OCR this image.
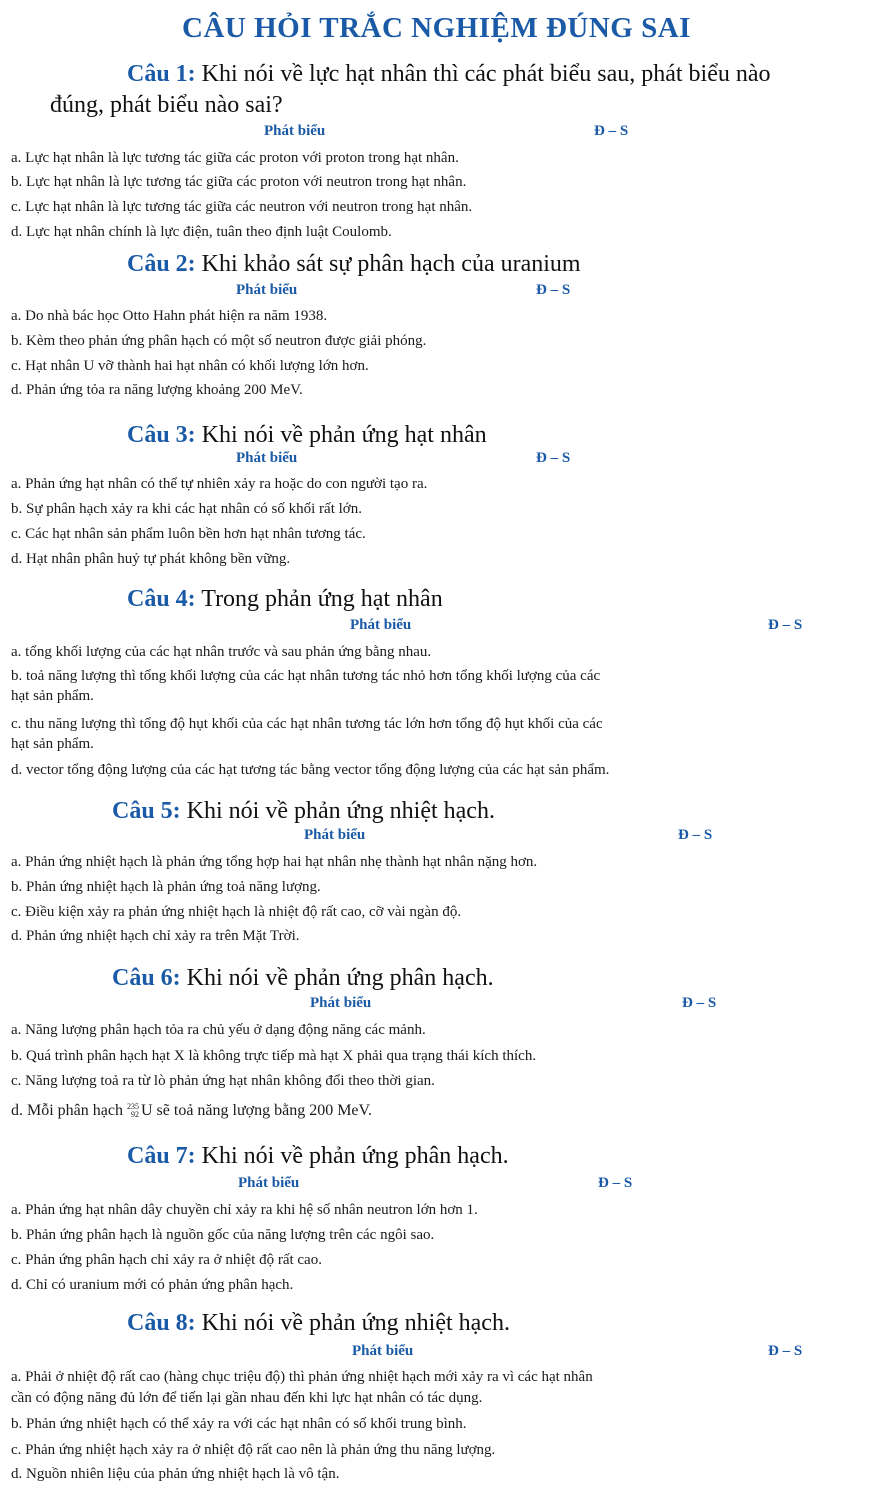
CÂU HỎI TRẮC NGHIỆM ĐÚNG SAI
Câu 1: Khi nói về lực hạt nhân thì các phát biểu sau, phát biểu nào
đúng, phát biểu nào sai?
Phát biểu	Đ – S
a. Lực hạt nhân là lực tương tác giữa các proton với proton trong hạt nhân.
b. Lực hạt nhân là lực tương tác giữa các proton với neutron trong hạt nhân.
c. Lực hạt nhân là lực tương tác giữa các neutron với neutron trong hạt nhân.
d. Lực hạt nhân chính là lực điện, tuân theo định luật Coulomb.
Câu 2: Khi khảo sát sự phân hạch của uranium
Phát biểu	Đ – S
a. Do nhà bác học Otto Hahn phát hiện ra năm 1938.
b. Kèm theo phản ứng phân hạch có một số neutron được giải phóng.
c. Hạt nhân U vỡ thành hai hạt nhân có khối lượng lớn hơn.
d. Phản ứng tỏa ra năng lượng khoảng 200 MeV.
Câu 3: Khi nói về phản ứng hạt nhân
Phát biểu	Đ – S
a. Phản ứng hạt nhân có thể tự nhiên xảy ra hoặc do con người tạo ra.
b. Sự phân hạch xảy ra khi các hạt nhân có số khối rất lớn.
c. Các hạt nhân sản phẩm luôn bền hơn hạt nhân tương tác.
d. Hạt nhân phân huỷ tự phát không bền vững.
Câu 4: Trong phản ứng hạt nhân
Phát biểu	Đ – S
a. tổng khối lượng của các hạt nhân trước và sau phản ứng bằng nhau.
b. toả năng lượng thì tổng khối lượng của các hạt nhân tương tác nhỏ hơn tổng khối lượng của các
hạt sản phẩm.
c. thu năng lượng thì tổng độ hụt khối của các hạt nhân tương tác lớn hơn tổng độ hụt khối của các
hạt sản phẩm.
d. vector tổng động lượng của các hạt tương tác bằng vector tổng động lượng của các hạt sản phẩm.
Câu 5: Khi nói về phản ứng nhiệt hạch.
Phát biểu	Đ – S
a. Phản ứng nhiệt hạch là phản ứng tổng hợp hai hạt nhân nhẹ thành hạt nhân nặng hơn.
b. Phản ứng nhiệt hạch là phản ứng toả năng lượng.
c. Điều kiện xảy ra phản ứng nhiệt hạch là nhiệt độ rất cao, cỡ vài ngàn độ.
d. Phản ứng nhiệt hạch chỉ xảy ra trên Mặt Trời.
Câu 6: Khi nói về phản ứng phân hạch.
Phát biểu	Đ – S
a. Năng lượng phân hạch tỏa ra chủ yếu ở dạng động năng các mảnh.
b. Quá trình phân hạch hạt X là không trực tiếp mà hạt X phải qua trạng thái kích thích.
c. Năng lượng toả ra từ lò phản ứng hạt nhân không đổi theo thời gian.
d. Mỗi phân hạch 235
92 U sẽ toả năng lượng bằng 200 MeV.
Câu 7: Khi nói về phản ứng phân hạch.
Phát biểu	Đ – S
a. Phản ứng hạt nhân dây chuyền chỉ xảy ra khi hệ số nhân neutron lớn hơn 1.
b. Phản ứng phân hạch là nguồn gốc của năng lượng trên các ngôi sao.
c. Phản ứng phân hạch chỉ xảy ra ở nhiệt độ rất cao.
d. Chỉ có uranium mới có phản ứng phân hạch.
Câu 8: Khi nói về phản ứng nhiệt hạch.
Phát biểu	Đ – S
a. Phải ở nhiệt độ rất cao (hàng chục triệu độ) thì phản ứng nhiệt hạch mới xảy ra vì các hạt nhân
cần có động năng đủ lớn để tiến lại gần nhau đến khi lực hạt nhân có tác dụng.
b. Phản ứng nhiệt hạch có thể xảy ra với các hạt nhân có số khối trung bình.
c. Phản ứng nhiệt hạch xảy ra ở nhiệt độ rất cao nên là phản ứng thu năng lượng.
d. Nguồn nhiên liệu của phản ứng nhiệt hạch là vô tận.
